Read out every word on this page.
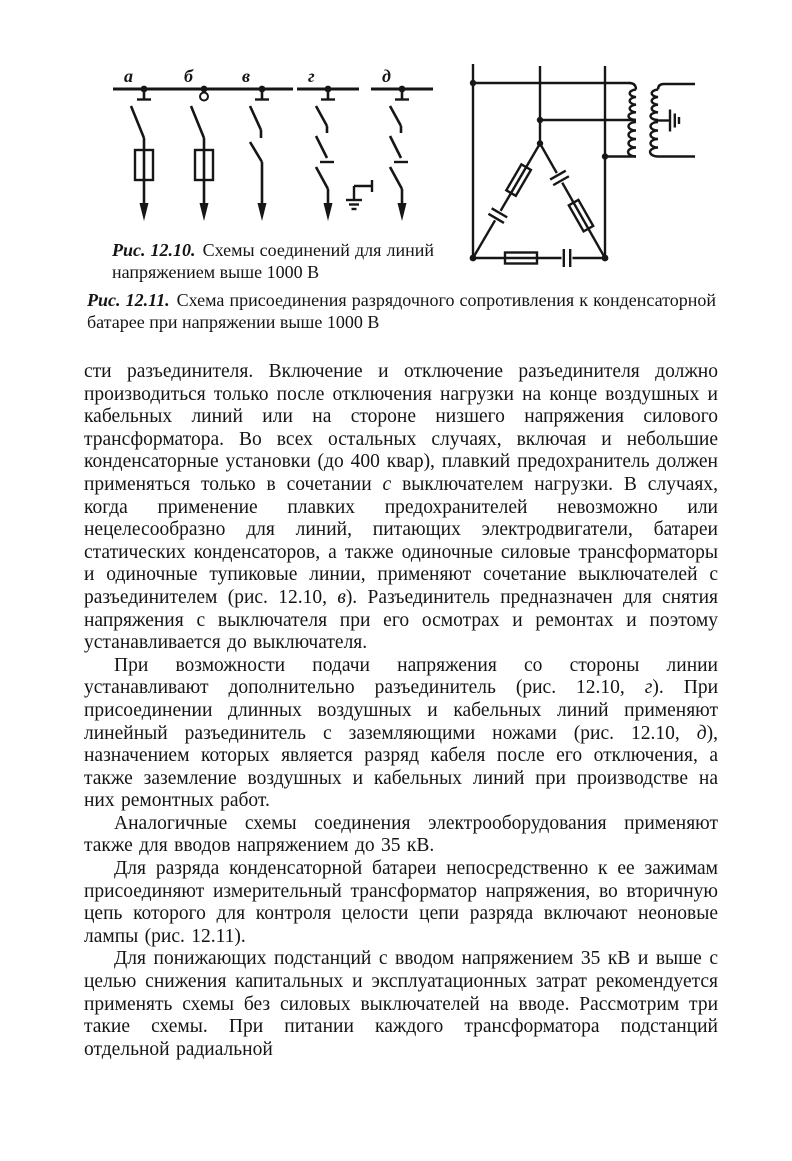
а	б	в	г	д
Рис. 12.10. Схемы соединений для линий напряжением выше 1000 В
Рис. 12.11. Схема присоединения разрядочного сопротивления к конденсаторной батарее при напряжении выше 1000 В

сти разъединителя. Включение и отключение разъединителя должно производиться только после отключения нагрузки на конце воздушных и кабельных линий или на стороне низшего напряжения силового трансформатора. Во всех остальных случаях, включая и небольшие конденсаторные установки (до 400 квар), плавкий предохранитель должен применяться только в сочетании с выключателем нагрузки. В случаях, когда применение плавких предохранителей невозможно или нецелесообразно для линий, питающих электродвигатели, батареи статических конденсаторов, а также одиночные силовые трансформаторы и одиночные тупиковые линии, применяют сочетание выключателей с разъединителем (рис. 12.10, в). Разъединитель предназначен для снятия напряжения с выключателя при его осмотрах и ремонтах и поэтому устанавливается до выключателя.

При возможности подачи напряжения со стороны линии устанавливают дополнительно разъединитель (рис. 12.10, г). При присоединении длинных воздушных и кабельных линий применяют линейный разъединитель с заземляющими ножами (рис. 12.10, д), назначением которых является разряд кабеля после его отключения, а также заземление воздушных и кабельных линий при производстве на них ремонтных работ.

Аналогичные схемы соединения электрооборудования применяют также для вводов напряжением до 35 кВ.

Для разряда конденсаторной батареи непосредственно к ее зажимам присоединяют измерительный трансформатор напряжения, во вторичную цепь которого для контроля целости цепи разряда включают неоновые лампы (рис. 12.11).

Для понижающих подстанций с вводом напряжением 35 кВ и выше с целью снижения капитальных и эксплуатационных затрат рекомендуется применять схемы без силовых выключателей на вводе. Рассмотрим три такие схемы. При питании каждого трансформатора подстанций отдельной радиальной
